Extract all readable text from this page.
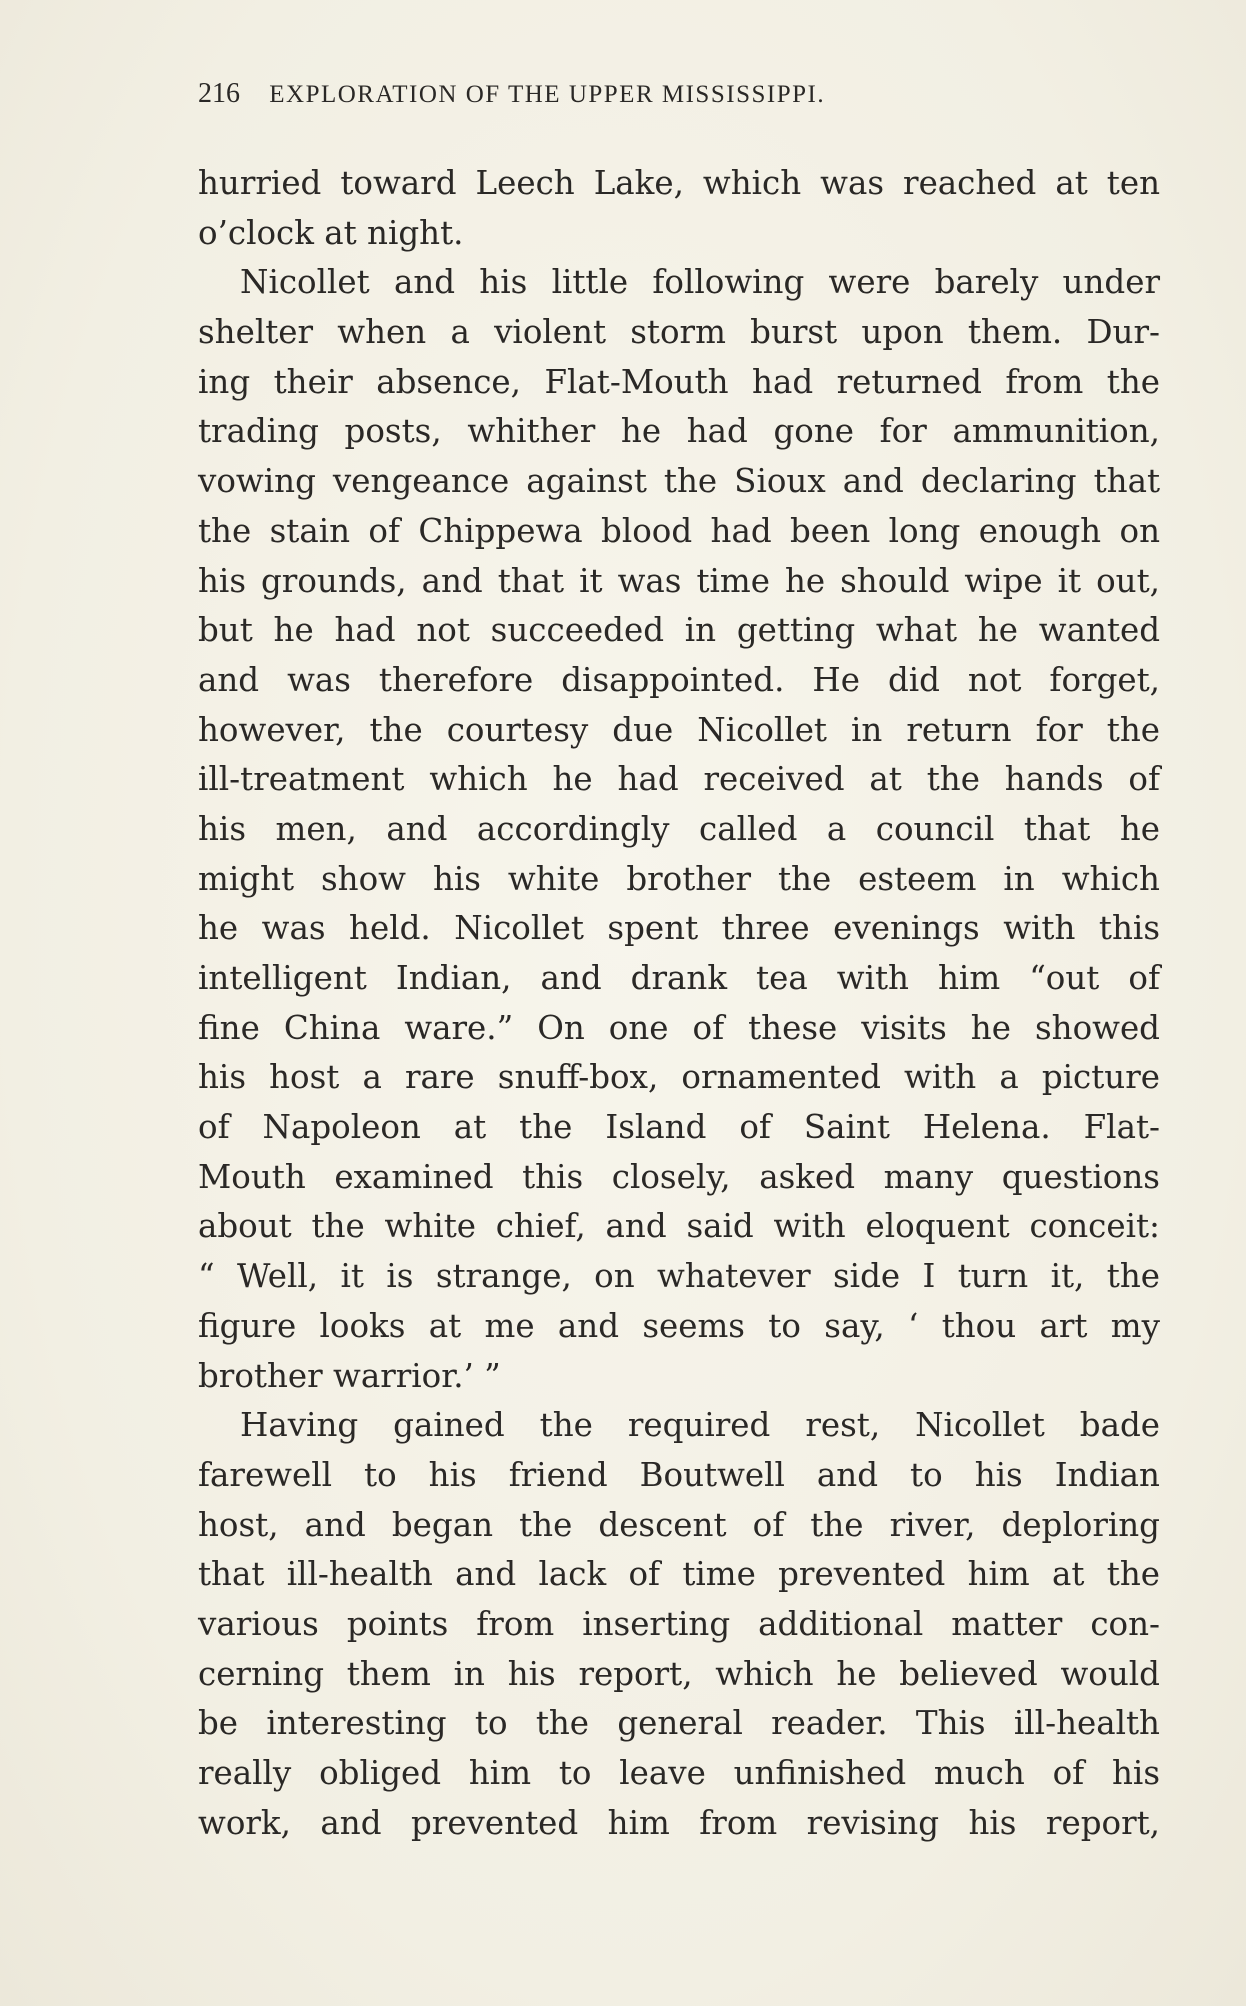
216 EXPLORATION OF THE UPPER MISSISSIPPI.
hurried toward Leech Lake, which was reached at ten
o’clock at night.
Nicollet and his little following were barely under
shelter when a violent storm burst upon them. Dur-
ing their absence, Flat-Mouth had returned from the
trading posts, whither he had gone for ammunition,
vowing vengeance against the Sioux and declaring that
the stain of Chippewa blood had been long enough on
his grounds, and that it was time he should wipe it out,
but he had not succeeded in getting what he wanted
and was therefore disappointed. He did not forget,
however, the courtesy due Nicollet in return for the
ill-treatment which he had received at the hands of
his men, and accordingly called a council that he
might show his white brother the esteem in which
he was held. Nicollet spent three evenings with this
intelligent Indian, and drank tea with him “out of
fine China ware.” On one of these visits he showed
his host a rare snuff-box, ornamented with a picture
of Napoleon at the Island of Saint Helena. Flat-
Mouth examined this closely, asked many questions
about the white chief, and said with eloquent conceit:
“ Well, it is strange, on whatever side I turn it, the
figure looks at me and seems to say, ‘ thou art my
brother warrior.’ ”
Having gained the required rest, Nicollet bade
farewell to his friend Boutwell and to his Indian
host, and began the descent of the river, deploring
that ill-health and lack of time prevented him at the
various points from inserting additional matter con-
cerning them in his report, which he believed would
be interesting to the general reader. This ill-health
really obliged him to leave unfinished much of his
work, and prevented him from revising his report,
